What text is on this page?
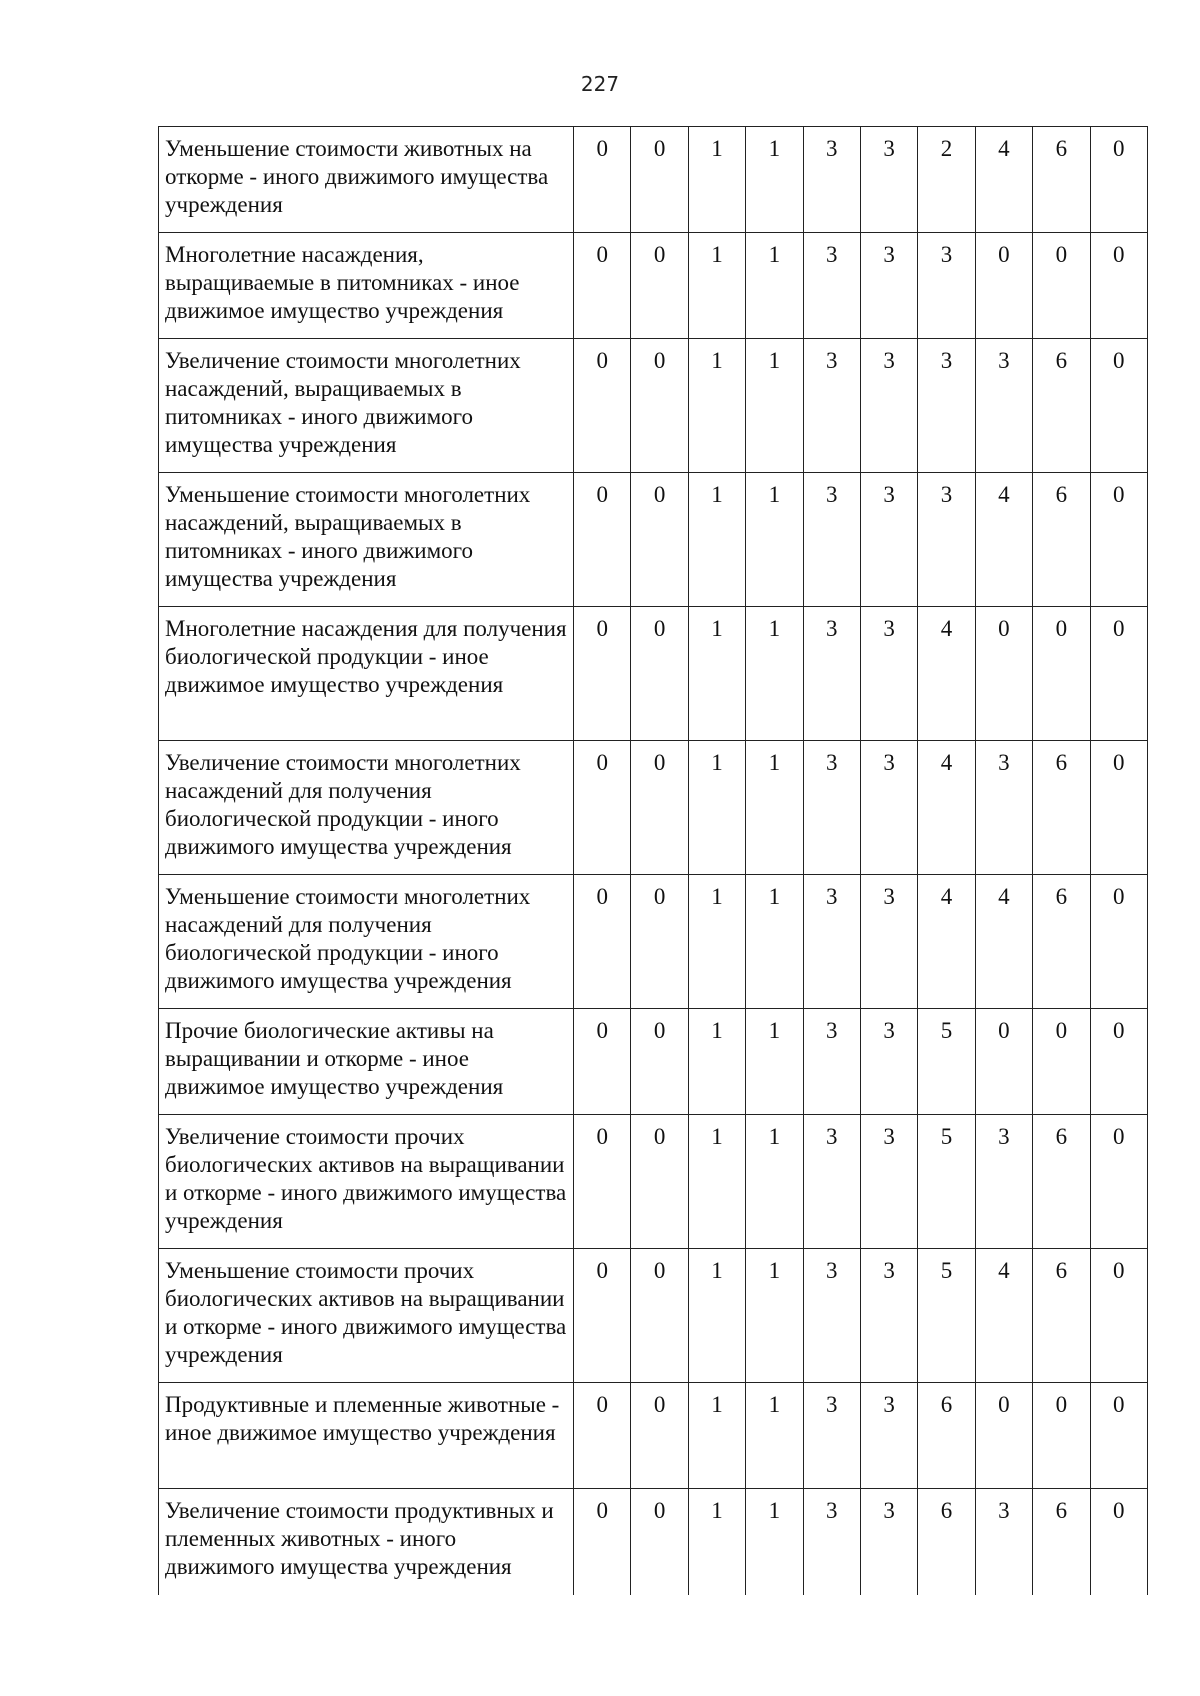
227
Уменьшение стоимости животных на откорме - иного движимого имущества учреждения	0	0	1	1	3	3	2	4	6	0
Многолетние насаждения, выращиваемые в питомниках - иное движимое имущество учреждения	0	0	1	1	3	3	3	0	0	0
Увеличение стоимости многолетних насаждений, выращиваемых в питомниках - иного движимого имущества учреждения	0	0	1	1	3	3	3	3	6	0
Уменьшение стоимости многолетних насаждений, выращиваемых в питомниках - иного движимого имущества учреждения	0	0	1	1	3	3	3	4	6	0
Многолетние насаждения для получения биологической продукции - иное движимое имущество учреждения	0	0	1	1	3	3	4	0	0	0
Увеличение стоимости многолетних насаждений для получения биологической продукции - иного движимого имущества учреждения	0	0	1	1	3	3	4	3	6	0
Уменьшение стоимости многолетних насаждений для получения биологической продукции - иного движимого имущества учреждения	0	0	1	1	3	3	4	4	6	0
Прочие биологические активы на выращивании и откорме - иное движимое имущество учреждения	0	0	1	1	3	3	5	0	0	0
Увеличение стоимости прочих биологических активов на выращивании и откорме - иного движимого имущества учреждения	0	0	1	1	3	3	5	3	6	0
Уменьшение стоимости прочих биологических активов на выращивании и откорме - иного движимого имущества учреждения	0	0	1	1	3	3	5	4	6	0
Продуктивные и племенные животные - иное движимое имущество учреждения	0	0	1	1	3	3	6	0	0	0
Увеличение стоимости продуктивных и племенных животных - иного движимого имущества учреждения	0	0	1	1	3	3	6	3	6	0
